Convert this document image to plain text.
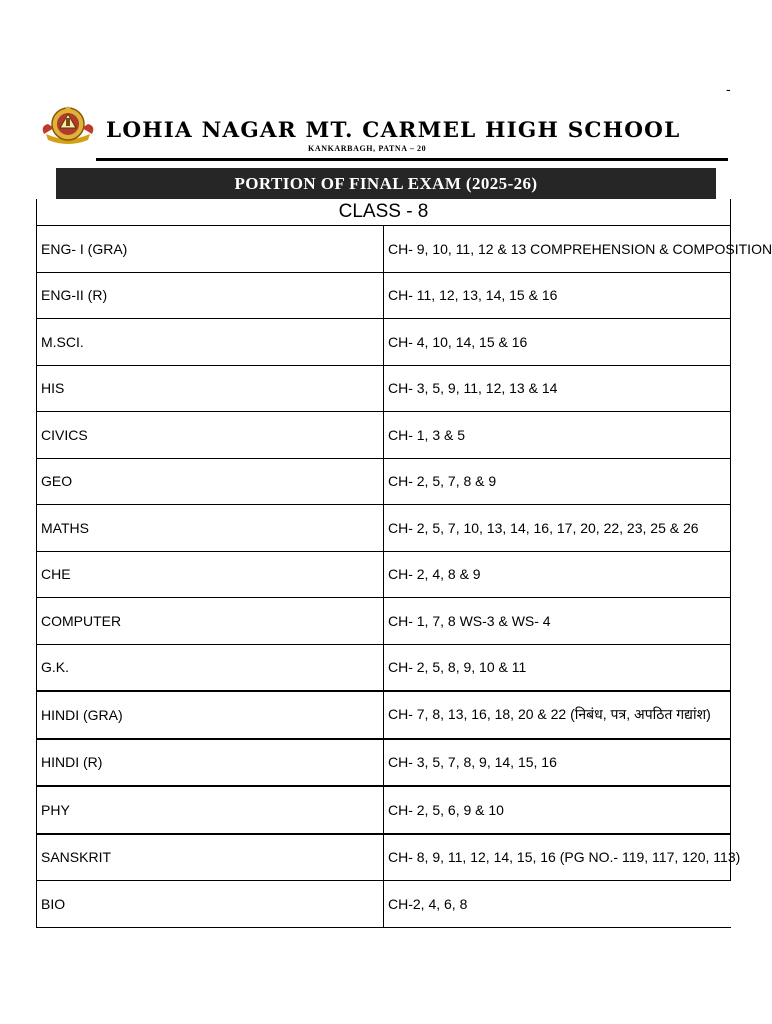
-
LOHIA NAGAR MT. CARMEL HIGH SCHOOL
KANKARBAGH, PATNA – 20
PORTION OF FINAL EXAM (2025-26)
CLASS - 8	
ENG- I (GRA)	CH- 9, 10, 11, 12 & 13 COMPREHENSION & COMPOSITION
ENG-II (R)	CH- 11, 12, 13, 14, 15 & 16
M.SCI.	CH- 4, 10, 14, 15 & 16
HIS	CH- 3, 5, 9, 11, 12, 13 & 14
CIVICS	CH- 1, 3 & 5
GEO	CH- 2, 5, 7, 8 & 9
MATHS	CH- 2, 5, 7, 10, 13, 14, 16, 17, 20, 22, 23, 25 & 26
CHE	CH- 2, 4, 8 & 9
COMPUTER	CH- 1, 7, 8 WS-3 & WS- 4
G.K.	CH- 2, 5, 8, 9, 10 & 11
HINDI (GRA)	CH- 7, 8, 13, 16, 18, 20 & 22 (निबंध, पत्र, अपठित गद्यांश)
HINDI (R)	CH- 3, 5, 7, 8, 9, 14, 15, 16
PHY	CH- 2, 5, 6, 9 & 10
SANSKRIT	CH- 8, 9, 11, 12, 14, 15, 16 (PG NO.- 119, 117, 120, 113)
BIO	CH-2, 4, 6, 8
